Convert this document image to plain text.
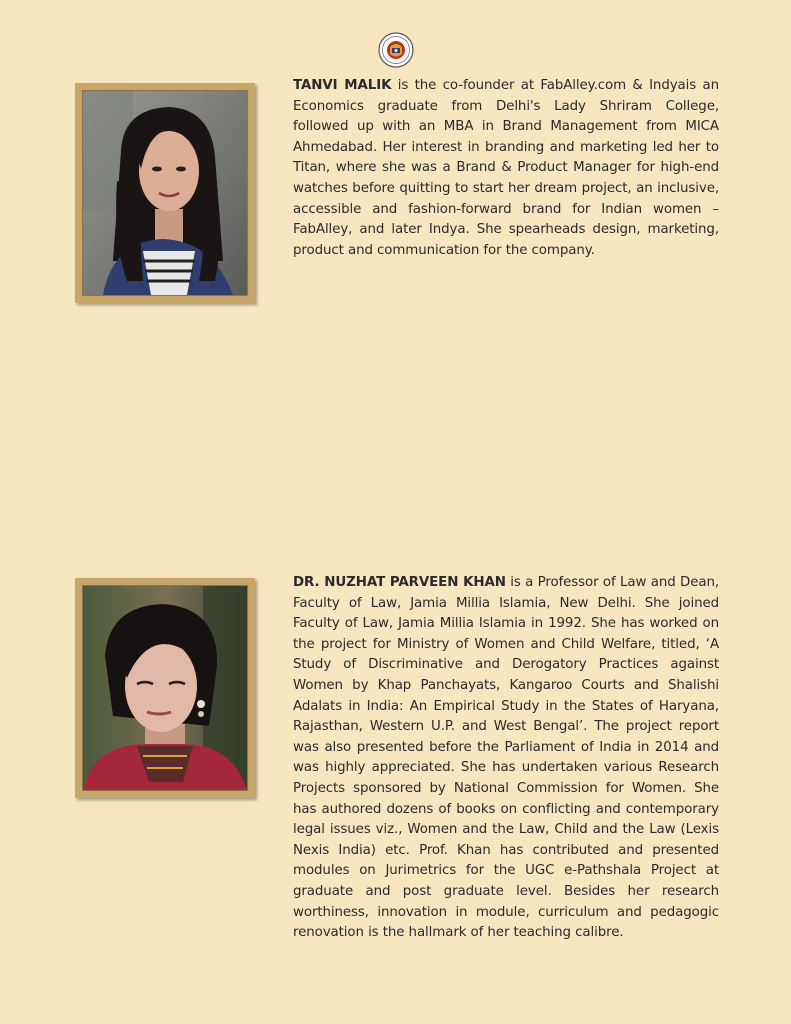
TANVI MALIK is the co-founder at FabAlley.com & Indyais an Economics graduate from Delhi's Lady Shriram College, followed up with an MBA in Brand Management from MICA Ahmedabad. Her interest in branding and marketing led her to Titan, where she was a Brand & Product Manager for high-end watches before quitting to start her dream project, an inclusive, accessible and fashion-forward brand for Indian women – FabAlley, and later Indya. She spearheads design, marketing, product and communication for the company.

DR. NUZHAT PARVEEN KHAN is a Professor of Law and Dean, Faculty of Law, Jamia Millia Islamia, New Delhi. She joined Faculty of Law, Jamia Millia Islamia in 1992. She has worked on the project for Ministry of Women and Child Welfare, titled, ‘A Study of Discriminative and Derogatory Practices against Women by Khap Panchayats, Kangaroo Courts and Shalishi Adalats in India: An Empirical Study in the States of Haryana, Rajasthan, Western U.P. and West Bengal’. The project report was also presented before the Parliament of India in 2014 and was highly appreciated. She has undertaken various Research Projects sponsored by National Commission for Women. She has authored dozens of books on conflicting and contemporary legal issues viz., Women and the Law, Child and the Law (Lexis Nexis India) etc. Prof. Khan has contributed and presented modules on Jurimetrics for the UGC e-Pathshala Project at graduate and post graduate level. Besides her research worthiness, innovation in module, curriculum and pedagogic renovation is the hallmark of her teaching calibre.
